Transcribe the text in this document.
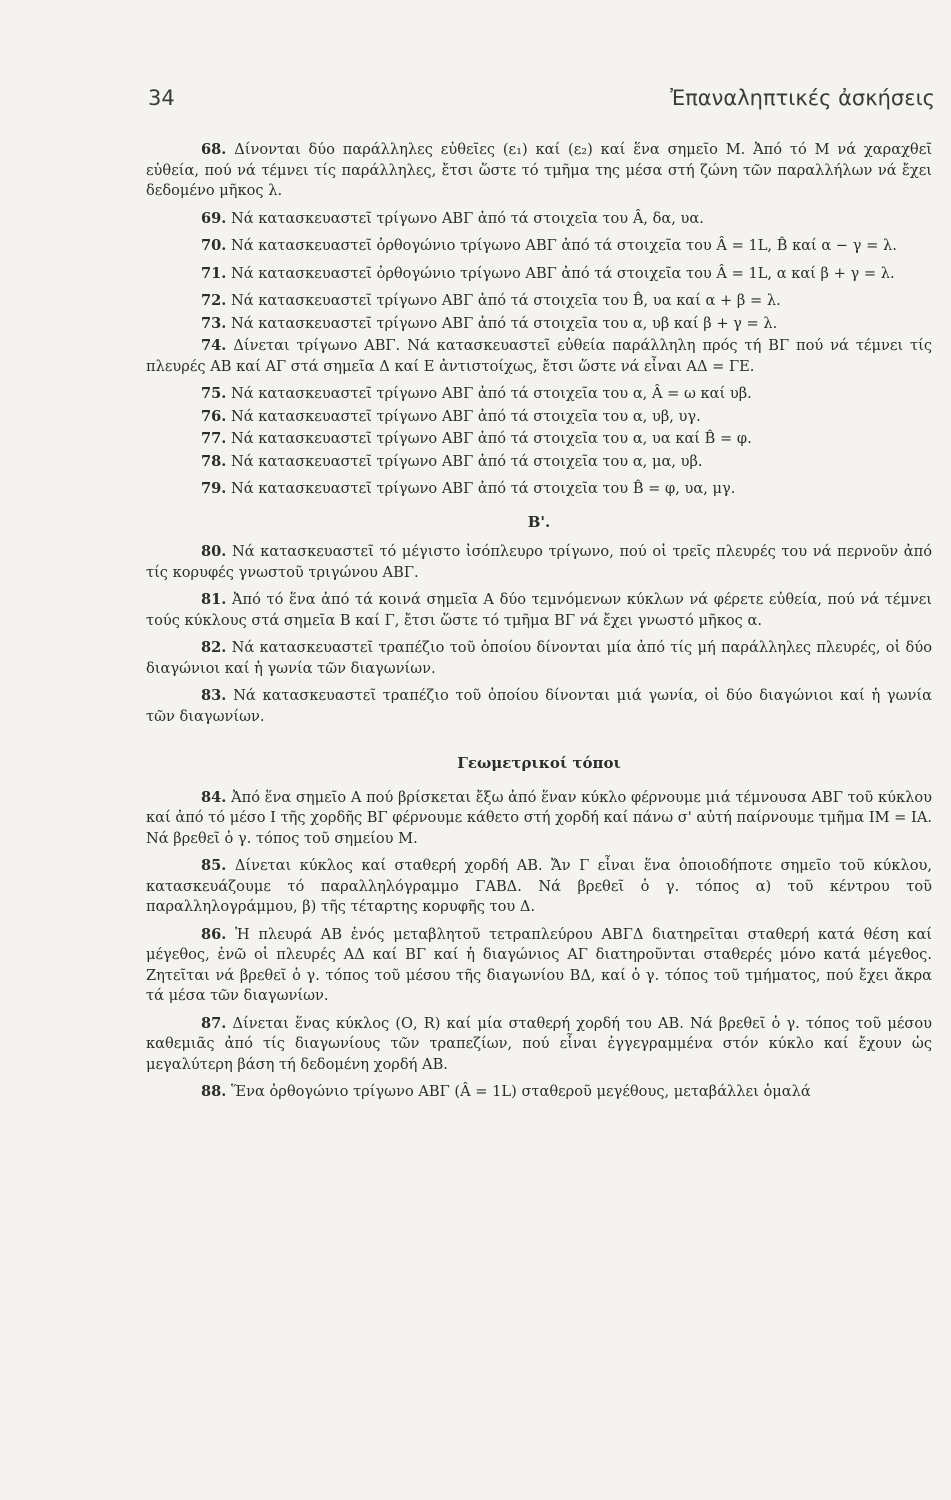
34	Ἐπαναληπτικές ἀσκήσεις

68. Δίνονται δύο παράλληλες εὐθεῖες (ε₁) καί (ε₂) καί ἕνα σημεῖο Μ. Ἀπό τό Μ νά χαραχθεῖ εὐθεία, πού νά τέμνει τίς παράλληλες, ἔτσι ὥστε τό τμῆμα της μέσα στή ζώνη τῶν παραλλήλων νά ἔχει δεδομένο μῆκος λ.

69. Νά κατασκευαστεῖ τρίγωνο ΑΒΓ ἀπό τά στοιχεῖα του Â, δα, υα.

70. Νά κατασκευαστεῖ ὀρθογώνιο τρίγωνο ΑΒΓ ἀπό τά στοιχεῖα του Â = 1L, B̂ καί α − γ = λ.

71. Νά κατασκευαστεῖ ὀρθογώνιο τρίγωνο ΑΒΓ ἀπό τά στοιχεῖα του Â = 1L, α καί β + γ = λ.

72. Νά κατασκευαστεῖ τρίγωνο ΑΒΓ ἀπό τά στοιχεῖα του B̂, υα καί α + β = λ.

73. Νά κατασκευαστεῖ τρίγωνο ΑΒΓ ἀπό τά στοιχεῖα του α, υβ καί β + γ = λ.

74. Δίνεται τρίγωνο ΑΒΓ. Νά κατασκευαστεῖ εὐθεία παράλληλη πρός τή ΒΓ πού νά τέμνει τίς πλευρές ΑΒ καί ΑΓ στά σημεῖα Δ καί Ε ἀντιστοίχως, ἔτσι ὥστε νά εἶναι ΑΔ = ΓΕ.

75. Νά κατασκευαστεῖ τρίγωνο ΑΒΓ ἀπό τά στοιχεῖα του α, Â = ω καί υβ.

76. Νά κατασκευαστεῖ τρίγωνο ΑΒΓ ἀπό τά στοιχεῖα του α, υβ, υγ.

77. Νά κατασκευαστεῖ τρίγωνο ΑΒΓ ἀπό τά στοιχεῖα του α, υα καί B̂ = φ.

78. Νά κατασκευαστεῖ τρίγωνο ΑΒΓ ἀπό τά στοιχεῖα του α, μα, υβ.

79. Νά κατασκευαστεῖ τρίγωνο ΑΒΓ ἀπό τά στοιχεῖα του B̂ = φ, υα, μγ.

Β'.

80. Νά κατασκευαστεῖ τό μέγιστο ἰσόπλευρο τρίγωνο, πού οἱ τρεῖς πλευρές του νά περνοῦν ἀπό τίς κορυφές γνωστοῦ τριγώνου ΑΒΓ.

81. Ἀπό τό ἕνα ἀπό τά κοινά σημεῖα Α δύο τεμνόμενων κύκλων νά φέρετε εὐθεία, πού νά τέμνει τούς κύκλους στά σημεῖα Β καί Γ, ἔτσι ὥστε τό τμῆμα ΒΓ νά ἔχει γνωστό μῆκος α.

82. Νά κατασκευαστεῖ τραπέζιο τοῦ ὁποίου δίνονται μία ἀπό τίς μή παράλληλες πλευρές, οἱ δύο διαγώνιοι καί ἡ γωνία τῶν διαγωνίων.

83. Νά κατασκευαστεῖ τραπέζιο τοῦ ὁποίου δίνονται μιά γωνία, οἱ δύο διαγώνιοι καί ἡ γωνία τῶν διαγωνίων.

Γεωμετρικοί τόποι

84. Ἀπό ἕνα σημεῖο Α πού βρίσκεται ἔξω ἀπό ἕναν κύκλο φέρνουμε μιά τέμνουσα ΑΒΓ τοῦ κύκλου καί ἀπό τό μέσο Ι τῆς χορδῆς ΒΓ φέρνουμε κάθετο στή χορδή καί πάνω σ' αὐτή παίρνουμε τμῆμα ΙΜ = ΙΑ. Νά βρεθεῖ ὁ γ. τόπος τοῦ σημείου Μ.

85. Δίνεται κύκλος καί σταθερή χορδή ΑΒ. Ἄν Γ εἶναι ἕνα ὁποιοδήποτε σημεῖο τοῦ κύκλου, κατασκευάζουμε τό παραλληλόγραμμο ΓΑΒΔ. Νά βρεθεῖ ὁ γ. τόπος α) τοῦ κέντρου τοῦ παραλληλογράμμου, β) τῆς τέταρτης κορυφῆς του Δ.

86. Ἡ πλευρά ΑΒ ἑνός μεταβλητοῦ τετραπλεύρου ΑΒΓΔ διατηρεῖται σταθερή κατά θέση καί μέγεθος, ἐνῶ οἱ πλευρές ΑΔ καί ΒΓ καί ἡ διαγώνιος ΑΓ διατηροῦνται σταθερές μόνο κατά μέγεθος. Ζητεῖται νά βρεθεῖ ὁ γ. τόπος τοῦ μέσου τῆς διαγωνίου ΒΔ, καί ὁ γ. τόπος τοῦ τμήματος, πού ἔχει ἄκρα τά μέσα τῶν διαγωνίων.

87. Δίνεται ἕνας κύκλος (Ο, R) καί μία σταθερή χορδή του ΑΒ. Νά βρεθεῖ ὁ γ. τόπος τοῦ μέσου καθεμιᾶς ἀπό τίς διαγωνίους τῶν τραπεζίων, πού εἶναι ἐγγεγραμμένα στόν κύκλο καί ἔχουν ὡς μεγαλύτερη βάση τή δεδομένη χορδή ΑΒ.

88. Ἕνα ὀρθογώνιο τρίγωνο ΑΒΓ (Â = 1L) σταθεροῦ μεγέθους, μεταβάλλει ὁμαλά
